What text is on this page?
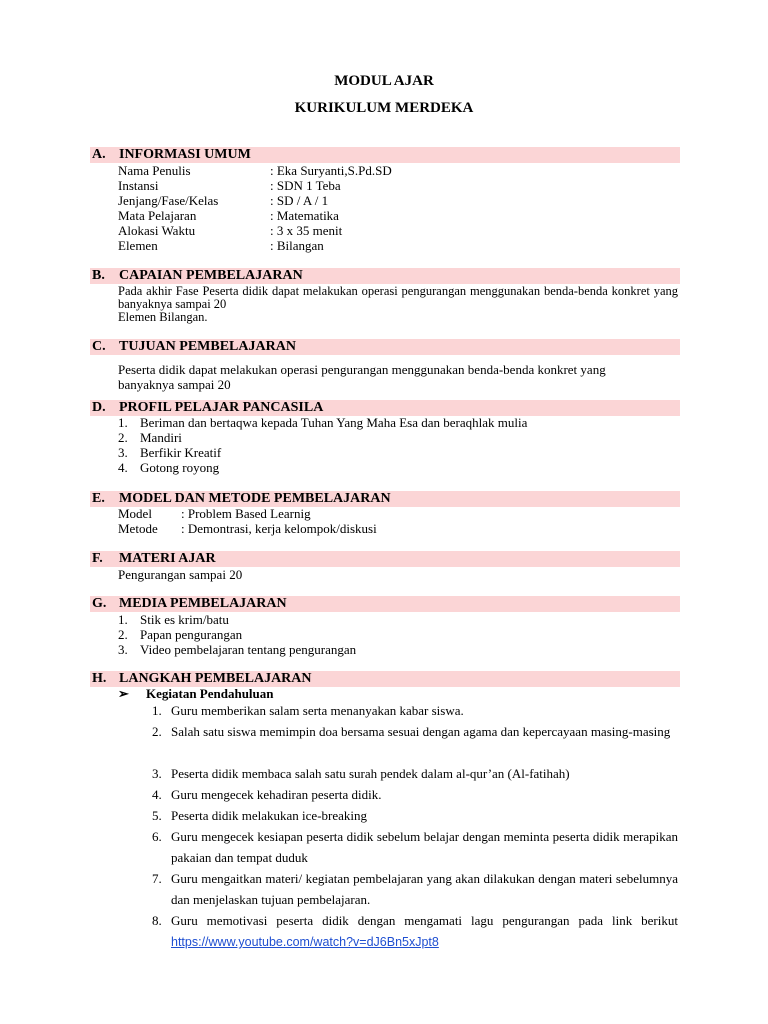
MODUL AJAR
KURIKULUM MERDEKA
A. INFORMASI UMUM
Nama Penulis	: Eka Suryanti,S.Pd.SD
Instansi	: SDN 1 Teba
Jenjang/Fase/Kelas	: SD / A / 1
Mata Pelajaran	: Matematika
Alokasi Waktu	: 3 x 35 menit
Elemen	: Bilangan
B. CAPAIAN PEMBELAJARAN
Pada akhir Fase Peserta didik dapat melakukan operasi pengurangan menggunakan benda-benda konkret yang banyaknya sampai 20
Elemen Bilangan.
C. TUJUAN PEMBELAJARAN
Peserta didik dapat melakukan operasi pengurangan menggunakan benda-benda konkret yang banyaknya sampai 20
D. PROFIL PELAJAR PANCASILA
1. Beriman dan bertaqwa kepada Tuhan Yang Maha Esa dan beraqhlak mulia
2. Mandiri
3. Berfikir Kreatif
4. Gotong royong
E. MODEL DAN METODE PEMBELAJARAN
Model : Problem Based Learnig
Metode : Demontrasi, kerja kelompok/diskusi
F. MATERI AJAR
Pengurangan sampai 20
G. MEDIA PEMBELAJARAN
1. Stik es krim/batu
2. Papan pengurangan
3. Video pembelajaran tentang pengurangan
H. LANGKAH PEMBELAJARAN
➢ Kegiatan Pendahuluan
1. Guru memberikan salam serta menanyakan kabar siswa.
2. Salah satu siswa memimpin doa bersama sesuai dengan agama dan kepercayaan masing-masing
3. Peserta didik membaca salah satu surah pendek dalam al-qur’an (Al-fatihah)
4. Guru mengecek kehadiran peserta didik.
5. Peserta didik melakukan ice-breaking
6. Guru mengecek kesiapan peserta didik sebelum belajar dengan meminta peserta didik merapikan pakaian dan tempat duduk
7. Guru mengaitkan materi/ kegiatan pembelajaran yang akan dilakukan dengan materi sebelumnya dan menjelaskan tujuan pembelajaran.
8. Guru memotivasi peserta didik dengan mengamati lagu pengurangan pada link berikut https://www.youtube.com/watch?v=dJ6Bn5xJpt8
